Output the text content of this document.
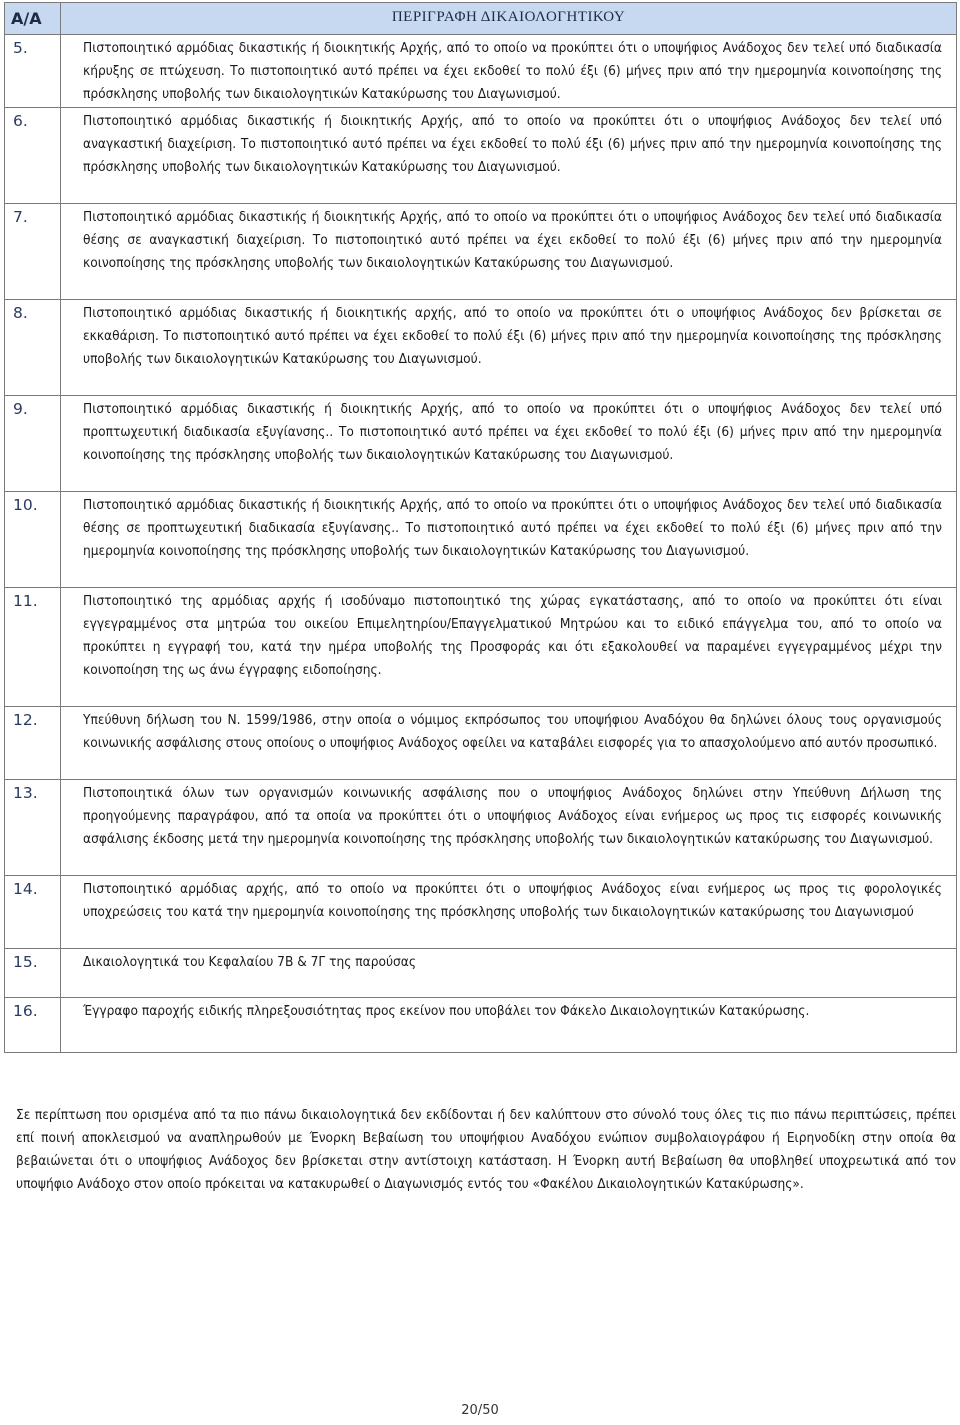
Α/Α	ΠΕΡΙΓΡΑΦΗ ΔΙΚΑΙΟΛΟΓΗΤΙΚΟΥ
5.	Πιστοποιητικό αρμόδιας δικαστικής ή διοικητικής Αρχής, από το οποίο να προκύπτει ότι ο υποψήφιος Ανάδοχος δεν τελεί υπό διαδικασία κήρυξης σε πτώχευση. Το πιστοποιητικό αυτό πρέπει να έχει εκδοθεί το πολύ έξι (6) μήνες πριν από την ημερομηνία κοινοποίησης της πρόσκλησης υποβολής των δικαιολογητικών Κατακύρωσης του Διαγωνισμού.
6.	Πιστοποιητικό αρμόδιας δικαστικής ή διοικητικής Αρχής, από το οποίο να προκύπτει ότι ο υποψήφιος Ανάδοχος δεν τελεί υπό αναγκαστική διαχείριση. Το πιστοποιητικό αυτό πρέπει να έχει εκδοθεί το πολύ έξι (6) μήνες πριν από την ημερομηνία κοινοποίησης της πρόσκλησης υποβολής των δικαιολογητικών Κατακύρωσης του Διαγωνισμού.
7.	Πιστοποιητικό αρμόδιας δικαστικής ή διοικητικής Αρχής, από το οποίο να προκύπτει ότι ο υποψήφιος Ανάδοχος δεν τελεί υπό διαδικασία θέσης σε αναγκαστική διαχείριση. Το πιστοποιητικό αυτό πρέπει να έχει εκδοθεί το πολύ έξι (6) μήνες πριν από την ημερομηνία κοινοποίησης της πρόσκλησης υποβολής των δικαιολογητικών Κατακύρωσης του Διαγωνισμού.
8.	Πιστοποιητικό αρμόδιας δικαστικής ή διοικητικής αρχής, από το οποίο να προκύπτει ότι ο υποψήφιος Ανάδοχος δεν βρίσκεται σε εκκαθάριση. Το πιστοποιητικό αυτό πρέπει να έχει εκδοθεί το πολύ έξι (6) μήνες πριν από την ημερομηνία κοινοποίησης της πρόσκλησης υποβολής των δικαιολογητικών Κατακύρωσης του Διαγωνισμού.
9.	Πιστοποιητικό αρμόδιας δικαστικής ή διοικητικής Αρχής, από το οποίο να προκύπτει ότι ο υποψήφιος Ανάδοχος δεν τελεί υπό προπτωχευτική διαδικασία εξυγίανσης.. Το πιστοποιητικό αυτό πρέπει να έχει εκδοθεί το πολύ έξι (6) μήνες πριν από την ημερομηνία κοινοποίησης της πρόσκλησης υποβολής των δικαιολογητικών Κατακύρωσης του Διαγωνισμού.
10.	Πιστοποιητικό αρμόδιας δικαστικής ή διοικητικής Αρχής, από το οποίο να προκύπτει ότι ο υποψήφιος Ανάδοχος δεν τελεί υπό διαδικασία θέσης σε προπτωχευτική διαδικασία εξυγίανσης.. Το πιστοποιητικό αυτό πρέπει να έχει εκδοθεί το πολύ έξι (6) μήνες πριν από την ημερομηνία κοινοποίησης της πρόσκλησης υποβολής των δικαιολογητικών Κατακύρωσης του Διαγωνισμού.
11.	Πιστοποιητικό της αρμόδιας αρχής ή ισοδύναμο πιστοποιητικό της χώρας εγκατάστασης, από το οποίο να προκύπτει ότι είναι εγγεγραμμένος στα μητρώα του οικείου Επιμελητηρίου/Επαγγελματικού Μητρώου και το ειδικό επάγγελμα του, από το οποίο να προκύπτει η εγγραφή του, κατά την ημέρα υποβολής της Προσφοράς και ότι εξακολουθεί να παραμένει εγγεγραμμένος μέχρι την κοινοποίηση της ως άνω έγγραφης ειδοποίησης.
12.	Υπεύθυνη δήλωση του Ν. 1599/1986, στην οποία ο νόμιμος εκπρόσωπος του υποψήφιου Αναδόχου θα δηλώνει όλους τους οργανισμούς κοινωνικής ασφάλισης στους οποίους ο υποψήφιος Ανάδοχος οφείλει να καταβάλει εισφορές για το απασχολούμενο από αυτόν προσωπικό.
13.	Πιστοποιητικά όλων των οργανισμών κοινωνικής ασφάλισης που ο υποψήφιος Ανάδοχος δηλώνει στην Υπεύθυνη Δήλωση της προηγούμενης παραγράφου, από τα οποία να προκύπτει ότι ο υποψήφιος Ανάδοχος είναι ενήμερος ως προς τις εισφορές κοινωνικής ασφάλισης έκδοσης μετά την ημερομηνία κοινοποίησης της πρόσκλησης υποβολής των δικαιολογητικών κατακύρωσης του Διαγωνισμού.
14.	Πιστοποιητικό αρμόδιας αρχής, από το οποίο να προκύπτει ότι ο υποψήφιος Ανάδοχος είναι ενήμερος ως προς τις φορολογικές υποχρεώσεις του κατά την ημερομηνία κοινοποίησης της πρόσκλησης υποβολής των δικαιολογητικών κατακύρωσης του Διαγωνισμού
15.	Δικαιολογητικά του Κεφαλαίου 7Β & 7Γ της παρούσας
16.	Έγγραφο παροχής ειδικής πληρεξουσιότητας προς εκείνον που υποβάλει τον Φάκελο Δικαιολογητικών Κατακύρωσης.

Σε περίπτωση που ορισμένα από τα πιο πάνω δικαιολογητικά δεν εκδίδονται ή δεν καλύπτουν στο σύνολό τους όλες τις πιο πάνω περιπτώσεις, πρέπει επί ποινή αποκλεισμού να αναπληρωθούν με Ένορκη Βεβαίωση του υποψήφιου Αναδόχου ενώπιον συμβολαιογράφου ή Ειρηνοδίκη στην οποία θα βεβαιώνεται ότι ο υποψήφιος Ανάδοχος δεν βρίσκεται στην αντίστοιχη κατάσταση. Η Ένορκη αυτή Βεβαίωση θα υποβληθεί υποχρεωτικά από τον υποψήφιο Ανάδοχο στον οποίο πρόκειται να κατακυρωθεί ο Διαγωνισμός εντός του «Φακέλου Δικαιολογητικών Κατακύρωσης».

20/50
